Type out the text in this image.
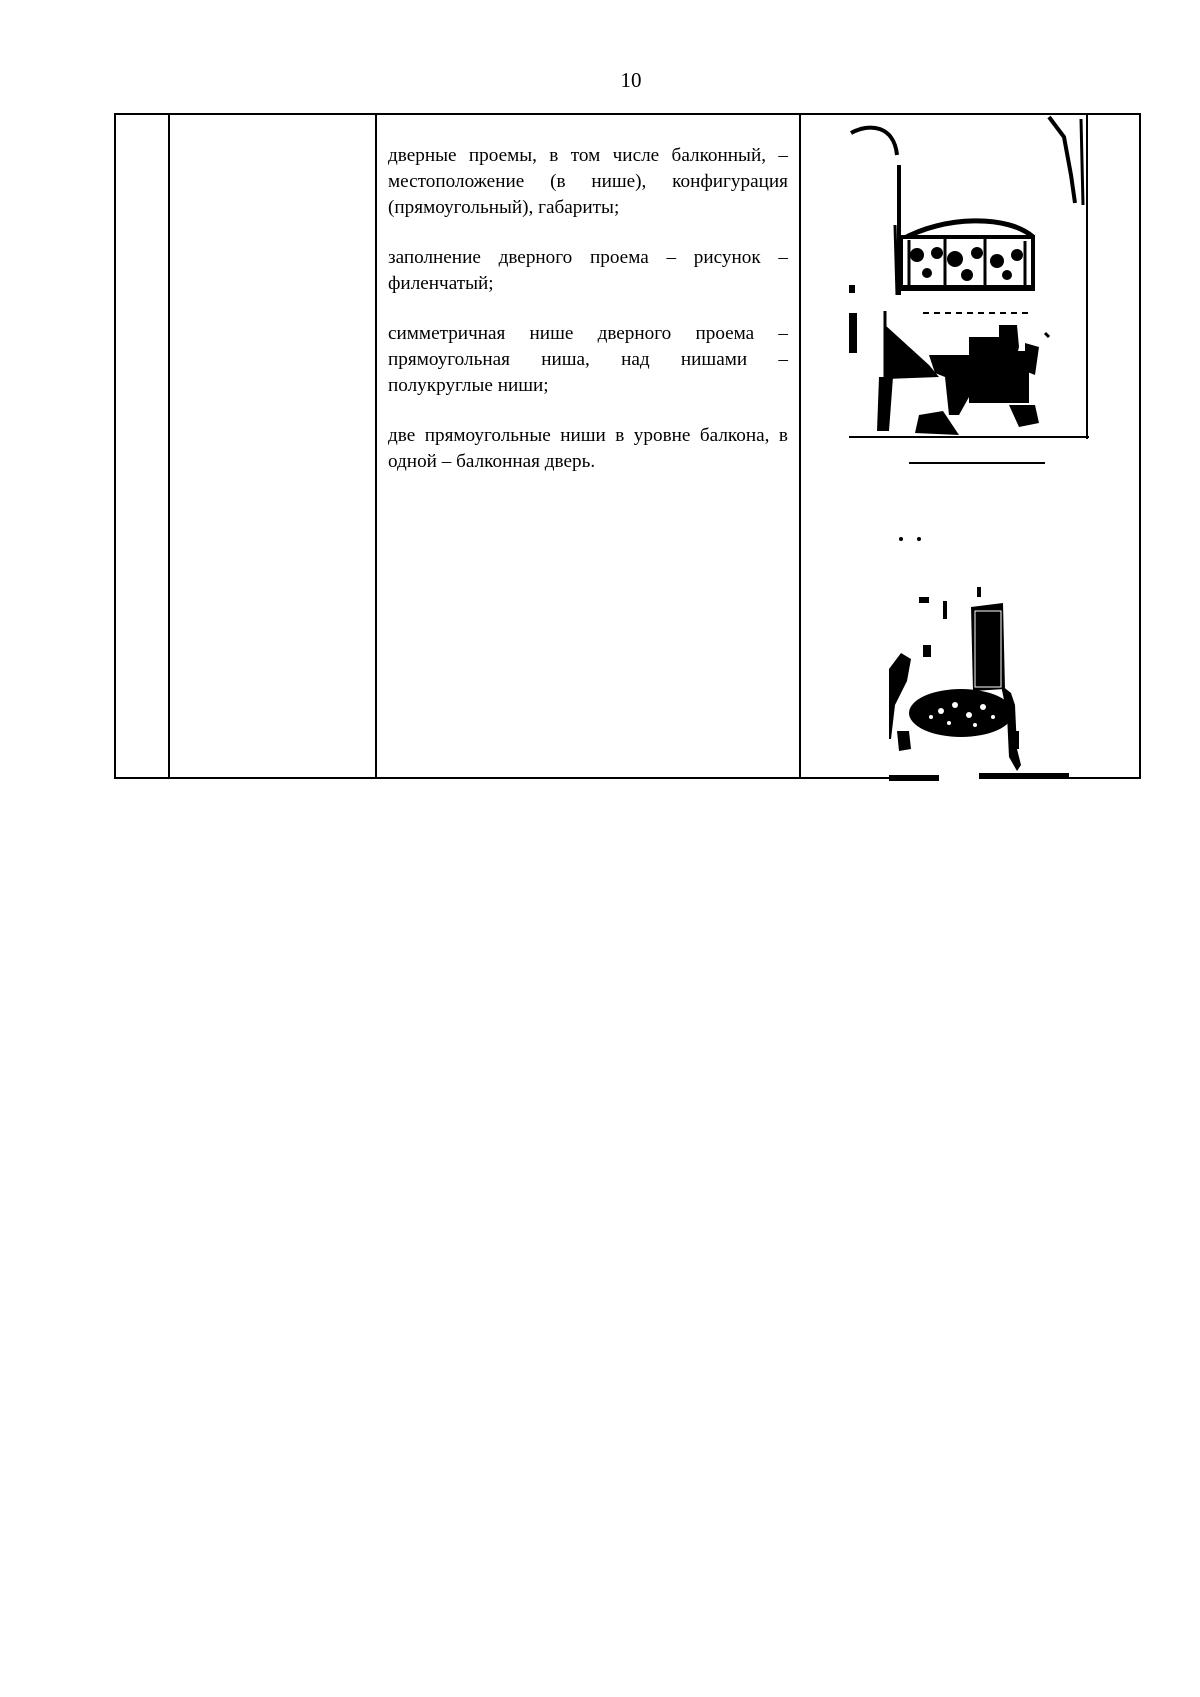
10

дверные проемы, в том числе балконный, – местоположение (в нише), конфигурация (прямоугольный), габариты;

заполнение дверного проема – рисунок – филенчатый;

симметричная нише дверного проема – прямоугольная ниша, над нишами – полукруглые ниши;

две прямоугольные ниши в уровне балкона, в одной – балконная дверь.
